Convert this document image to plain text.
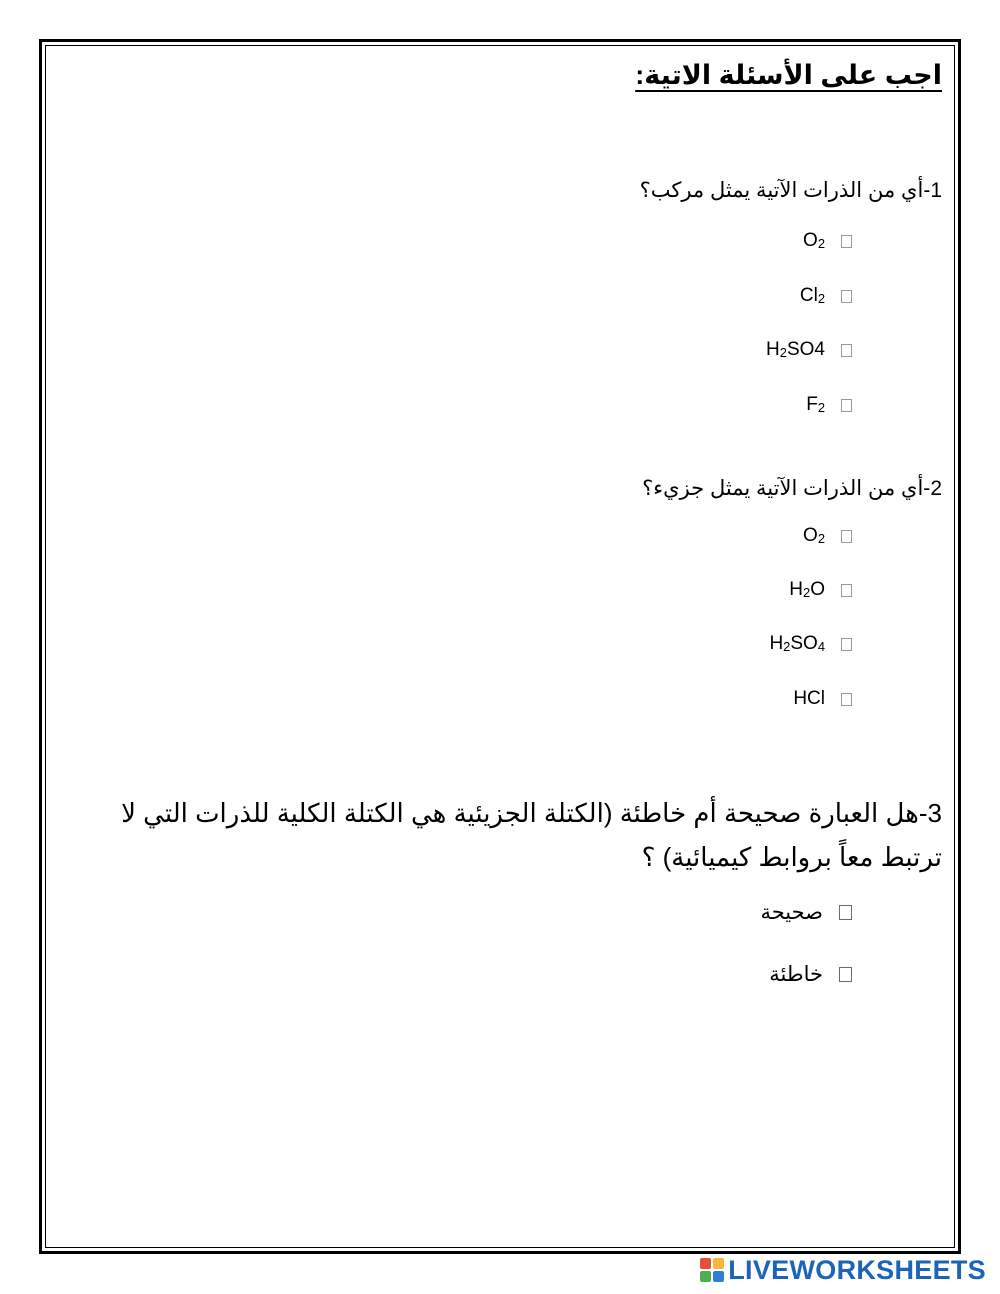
اجب على الأسئلة الاتية:
1-أي من الذرات الآتية يمثل مركب؟
$O_2$
$Cl_2$
$H_2SO4$
$F_2$
2-أي من الذرات الآتية يمثل جزيء؟
$O_2$
$H_2O$
$H_2SO_4$
HCl
3-هل العبارة صحيحة أم خاطئة (الكتلة الجزيئية هي الكتلة الكلية للذرات التي لا ترتبط معاً بروابط كيميائية) ؟
صحيحة
خاطئة
LIVEWORKSHEETS
